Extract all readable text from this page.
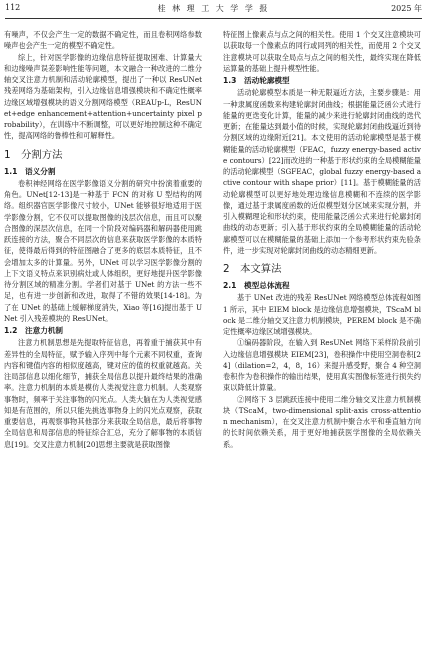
112	桂 林 理 工 大 学 学 报	2025 年

有噪声，不仅会产生一定的数据不确定性，而且卷积网络参数噪声也会产生一定的模型不确定性。

综上，针对医学影像的边缘信息特征提取困难、计算量大和边缘噪声误差影响性能等问题，本文融合一种改进的二维分轴交叉注意力机制和活动轮廓模型，提出了一种以 ResUNet 残差网络为基础架构，引入边缘信息增强模块和不确定性概率边缘区域增强模块的语义分割网络模型（REAUp-L，ResUNet+edge enhancement+attention+uncertainty pixel probability），在训练中不断调整，可以更好地控制这种不确定性，提高网络的鲁棒性和可解释性。

1　分割方法
1.1　语义分割

卷积神经网络在医学影像语义分割的研究中扮演着重要的角色。UNet[12-13]是一种基于 FCN 的对称 U 型结构的网络。组织器官医学影像尺寸较小，UNet 能够很好地适用于医学影像分割，它不仅可以提取图像的浅层次信息，而且可以聚合图像的深层次信息，在同一个阶段对编码器和解码器使用跳跃连接的方法，聚合不同层次的信息来获取医学影像的本质特征，使得最后得到的特征图融合了更多的底层本质特征，且不会增加太多的计算量。另外，UNet 可以学习医学影像分割的上下文语义特点来识别病灶或人体组织，更好地提升医学影像待分割区域的精准分割。学者们对基于 UNet 的方法一些不足，也有进一步创新和改进，取得了不错的效果[14-18]。为了在 UNet 的基础上缓解梯度消失，Xiao 等[16]提出基于 UNet 引入残差模块的 ResUNet。

1.2　注意力机制

注意力机制思想是先提取特征信息，再着重于捕获其中有差异性的全局特征，赋予输入序列中每个元素不同权重，查询内容和键值内容的相似度越高，键对应的值的权重就越高。关注局部信息以细化细节，捕获全局信息以提升最终结果的准确率。注意力机制的本质是模仿人类视觉注意力机制。人类观察事物时，频率于关注事物的闪光点。人类大脑在为人类视觉感知是有范围的，所以只能先挑选事物身上的闪光点观察，获取重要信息，再观察事物其他部分来获取全局信息，最后将事物全局信息和局部信息的特征综合汇总，充分了解事物的本质信息[19]。交叉注意力机制[20]思想主要就是获取图像

特征图上像素点与点之间的相关性。使用 1 个交叉注意模块可以获取每一个像素点的同行或同列的相关性，而使用 2 个交叉注意模块可以获取全局点与点之间的相关性，最终实现在降低运算量的基础上提升模型性能。

1.3　活动轮廓模型

活动轮廓模型本质是一种无限逼近方法，主要步骤是：用一种隶属度函数来构建轮廓封闭曲线；根据能量泛函公式进行能量的更迭变化计算，能量的减少来进行轮廓封闭曲线的迭代更新；在能量达到最小值的时候，实现轮廓封闭曲线逼近到待分割区域的边缘附近[21]。本文使用的活动轮廓模型是基于模糊能量的活动轮廓模型（FEAC，fuzzy energy-based active contours）[22]而改进的一种基于形状约束的全局模糊能量的活动轮廓模型（SGFEAC，global fuzzy energy-based active contour with shape prior）[11]。基于模糊能量的活动轮廓模型可以更好地处理边缘信息模糊和不连续的医学影像，通过基于隶属度函数的近似模型划分区域来实现分割，并引入模糊理论和形状约束，使用能量泛函公式来进行轮廓封闭曲线的动态更新；引入基于形状约束的全局模糊能量的活动轮廓模型可以在模糊能量的基础上添加一个参考形状约束先验条件，进一步实现对轮廓封闭曲线的动态精细更新。

2　本文算法
2.1　模型总体流程

基于 UNet 改进的残差 ResUNet 网络模型总体流程如图 1 所示，其中 EIEM block 是边缘信息增强模块，TScaM block 是二维分轴交叉注意力机制模块，PEREM block 是不确定性概率边缘区域增强模块。

①编码器阶段，在输入到 ResUNet 网络下采样阶段前引入边缘信息增强模块 EIEM[23]，卷积操作中使用空洞卷积[24]（dilation=2，4，8，16）来提升感受野，聚合 4 种空洞卷积作为卷积操作的输出结果，使用真实图像标签进行损失约束以降低计算量。

②网络下 3 层跳跃连接中使用二维分轴交叉注意力机制模块（TScaM，two-dimensional split-axis cross-attention mechanism），在交叉注意力机制中聚合水平和垂直轴方向的长时间依赖关系，用于更好地捕获医学图像的全局依赖关系。
